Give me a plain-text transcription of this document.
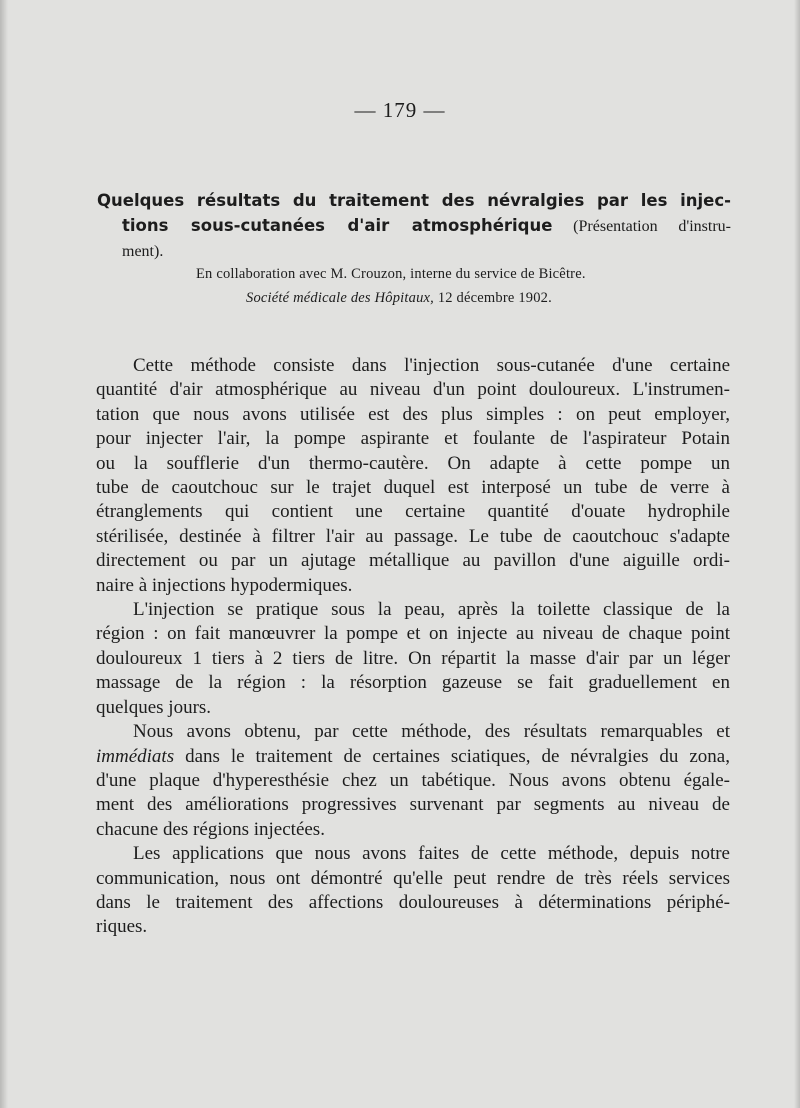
— 179 —
Quelques résultats du traitement des névralgies par les injec-
tions sous-cutanées d'air atmosphérique (Présentation d'instru-
ment).
En collaboration avec M. Crouzon, interne du service de Bicêtre.
Société médicale des Hôpitaux, 12 décembre 1902.

Cette méthode consiste dans l'injection sous-cutanée d'une certaine
quantité d'air atmosphérique au niveau d'un point douloureux. L'instrumen-
tation que nous avons utilisée est des plus simples : on peut employer,
pour injecter l'air, la pompe aspirante et foulante de l'aspirateur Potain
ou la soufflerie d'un thermo-cautère. On adapte à cette pompe un
tube de caoutchouc sur le trajet duquel est interposé un tube de verre à
étranglements qui contient une certaine quantité d'ouate hydrophile
stérilisée, destinée à filtrer l'air au passage. Le tube de caoutchouc s'adapte
directement ou par un ajutage métallique au pavillon d'une aiguille ordi-
naire à injections hypodermiques.

L'injection se pratique sous la peau, après la toilette classique de la
région : on fait manœuvrer la pompe et on injecte au niveau de chaque point
douloureux 1 tiers à 2 tiers de litre. On répartit la masse d'air par un léger
massage de la région : la résorption gazeuse se fait graduellement en
quelques jours.

Nous avons obtenu, par cette méthode, des résultats remarquables et
immédiats dans le traitement de certaines sciatiques, de névralgies du zona,
d'une plaque d'hyperesthésie chez un tabétique. Nous avons obtenu égale-
ment des améliorations progressives survenant par segments au niveau de
chacune des régions injectées.

Les applications que nous avons faites de cette méthode, depuis notre
communication, nous ont démontré qu'elle peut rendre de très réels services
dans le traitement des affections douloureuses à déterminations périphé-
riques.
